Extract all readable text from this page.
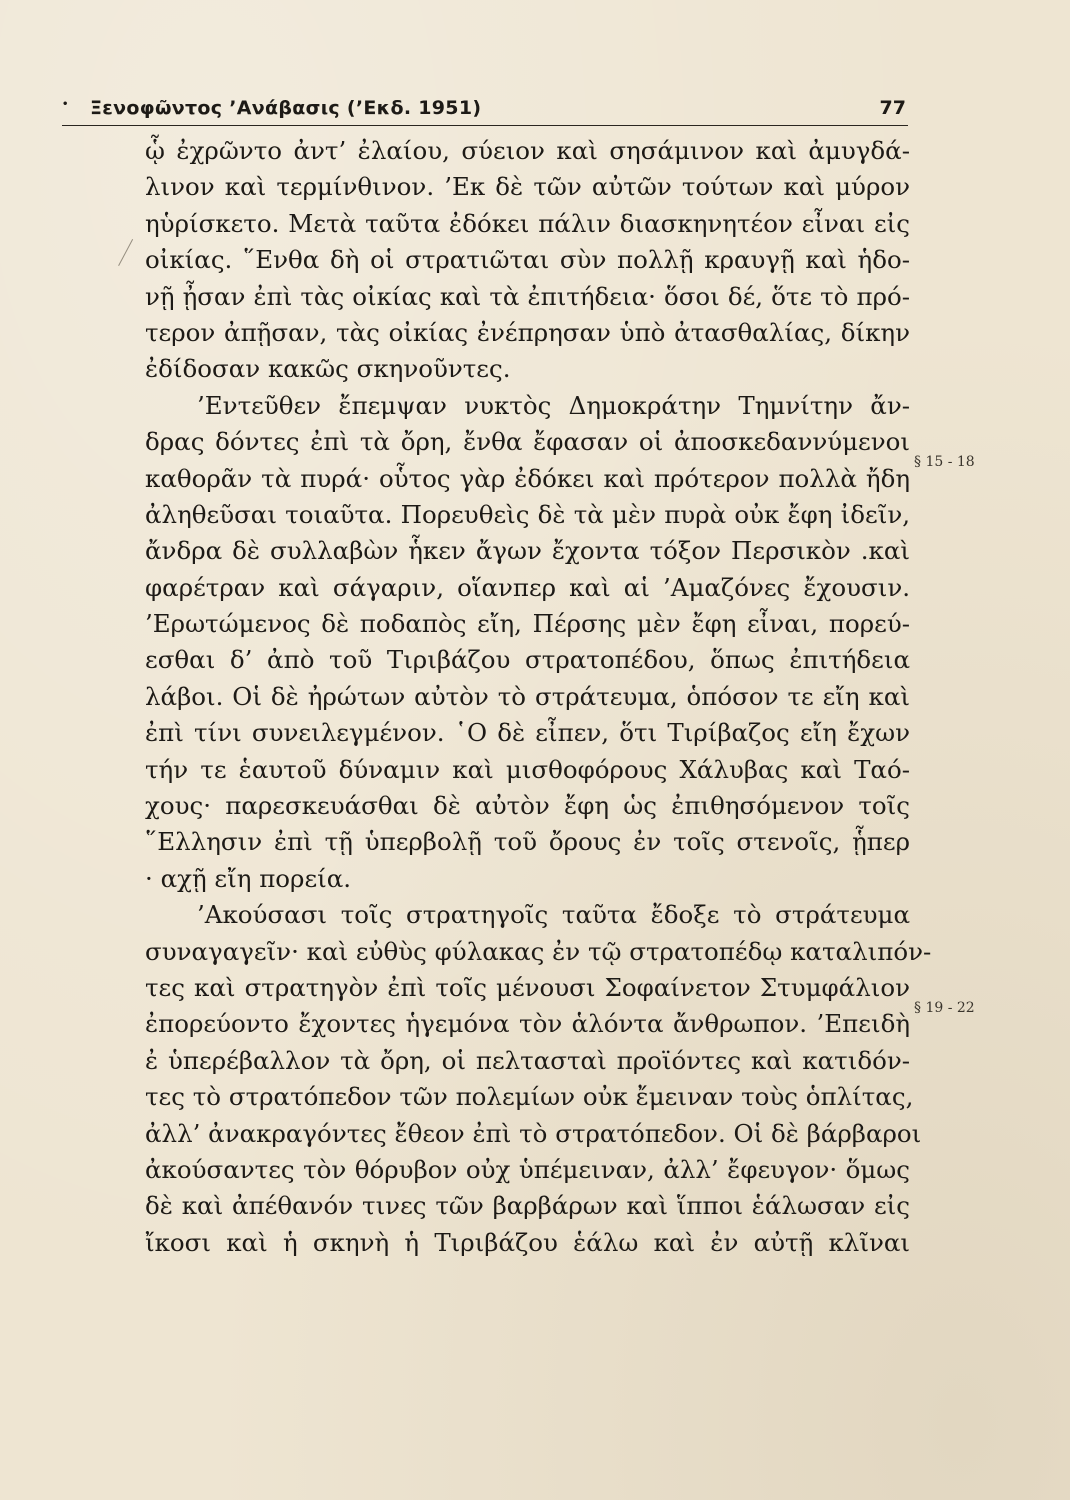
• Ξενοφῶντος ’Ανάβασις (’Εκδ. 1951)	77
ᾧ ἐχρῶντο ἀντ’ ἐλαίου, σύειον καὶ σησάμινον καὶ ἀμυγδά-
λινον καὶ τερμίνθινον. ’Εκ δὲ τῶν αὐτῶν τούτων καὶ μύρον
ηὑρίσκετο. Μετὰ ταῦτα ἐδόκει πάλιν διασκηνητέον εἶναι εἰς
οἰκίας. ῞Ενθα δὴ οἱ στρατιῶται σὺν πολλῇ κραυγῇ καὶ ἡδο-
νῇ ᾖσαν ἐπὶ τὰς οἰκίας καὶ τὰ ἐπιτήδεια· ὅσοι δέ, ὅτε τὸ πρό-
τερον ἀπῇσαν, τὰς οἰκίας ἐνέπρησαν ὑπὸ ἀτασθαλίας, δίκην
ἐδίδοσαν κακῶς σκηνοῦντες.
’Εντεῦθεν ἔπεμψαν νυκτὸς Δημοκράτην Τημνίτην ἄν-
δρας δόντες ἐπὶ τὰ ὄρη, ἔνθα ἔφασαν οἱ ἀποσκεδαννύμενοι
καθορᾶν τὰ πυρά· οὗτος γὰρ ἐδόκει καὶ πρότερον πολλὰ ἤδη
ἀληθεῦσαι τοιαῦτα. Πορευθεὶς δὲ τὰ μὲν πυρὰ οὐκ ἔφη ἰδεῖν,
ἄνδρα δὲ συλλαβὼν ἧκεν ἄγων ἔχοντα τόξον Περσικὸν .καὶ
φαρέτραν καὶ σάγαριν, οἵανπερ καὶ αἱ ’Αμαζόνες ἔχουσιν.
’Ερωτώμενος δὲ ποδαπὸς εἴη, Πέρσης μὲν ἔφη εἶναι, πορεύ-
εσθαι δ’ ἀπὸ τοῦ Τιριβάζου στρατοπέδου, ὅπως ἐπιτήδεια
λάβοι. Οἱ δὲ ἠρώτων αὐτὸν τὸ στράτευμα, ὁπόσον τε εἴη καὶ
ἐπὶ τίνι συνειλεγμένον. ῾Ο δὲ εἶπεν, ὅτι Τιρίβαζος εἴη ἔχων
τήν τε ἑαυτοῦ δύναμιν καὶ μισθοφόρους Χάλυβας καὶ Ταό-
χους· παρεσκευάσθαι δὲ αὐτὸν ἔφη ὡς ἐπιθησόμενον τοῖς
῞Ελλησιν ἐπὶ τῇ ὑπερβολῇ τοῦ ὄρους ἐν τοῖς στενοῖς, ᾗπερ
· αχῇ εἴη πορεία.
’Ακούσασι τοῖς στρατηγοῖς ταῦτα ἔδοξε τὸ στράτευμα
συναγαγεῖν· καὶ εὐθὺς φύλακας ἐν τῷ στρατοπέδῳ καταλιπόν-
τες καὶ στρατηγὸν ἐπὶ τοῖς μένουσι Σοφαίνετον Στυμφάλιον
ἐπορεύοντο ἔχοντες ἡγεμόνα τὸν ἁλόντα ἄνθρωπον. ’Επειδὴ
ἐ ὑπερέβαλλον τὰ ὄρη, οἱ πελτασταὶ προϊόντες καὶ κατιδόν-
τες τὸ στρατόπεδον τῶν πολεμίων οὐκ ἔμειναν τοὺς ὁπλίτας,
ἀλλ’ ἀνακραγόντες ἔθεον ἐπὶ τὸ στρατόπεδον. Οἱ δὲ βάρβαροι
ἀκούσαντες τὸν θόρυβον οὐχ ὑπέμειναν, ἀλλ’ ἔφευγον· ὅμως
δὲ καὶ ἀπέθανόν τινες τῶν βαρβάρων καὶ ἵπποι ἑάλωσαν εἰς
ἴκοσι καὶ ἡ σκηνὴ ἡ Τιριβάζου ἑάλω καὶ ἐν αὐτῇ κλῖναι
§ 15 - 18
§ 19 - 22
